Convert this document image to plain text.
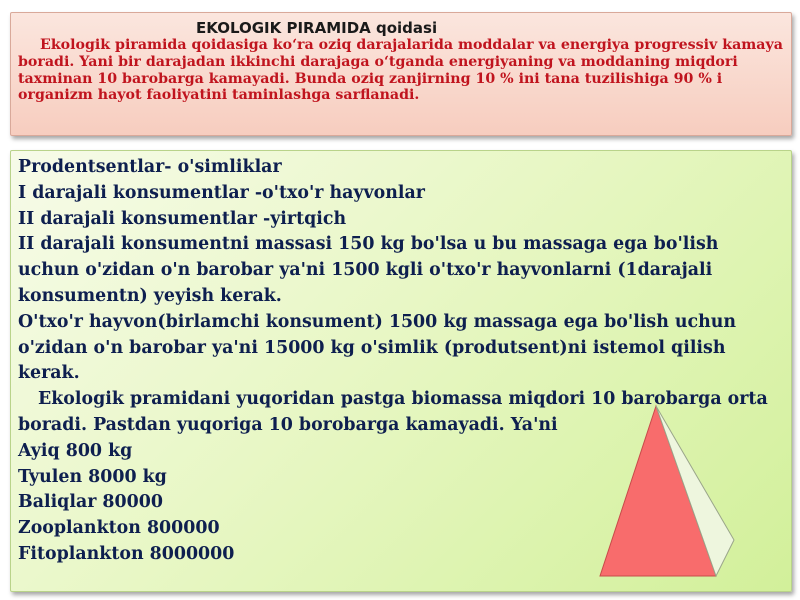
EKOLOGIK PIRAMIDA qoidasi

Ekologik piramida qoidasiga ko‘ra oziq darajalarida moddalar va energiya progressiv kamaya boradi. Yani bir darajadan ikkinchi darajaga o‘tganda energiyaning va moddaning miqdori taxminan 10 barobarga kamayadi. Bunda oziq zanjirning 10 % ini tana tuzilishiga 90 % i organizm hayot faoliyatini taminlashga sarflanadi.

Prodentsentlar- o'simliklar

I darajali konsumentlar -o'txo'r hayvonlar

II darajali konsumentlar -yirtqich

II darajali konsumentni massasi 150 kg bo'lsa u bu massaga ega bo'lish uchun o'zidan o'n barobar ya'ni 1500 kgli o'txo'r hayvonlarni (1darajali konsumentn) yeyish kerak.

O'txo'r hayvon(birlamchi konsument) 1500 kg massaga ega bo'lish uchun o'zidan o'n barobar ya'ni 15000 kg o'simlik (produtsent)ni istemol qilish kerak.

Ekologik pramidani yuqoridan pastga biomassa miqdori 10 barobarga orta boradi. Pastdan yuqoriga 10 borobarga kamayadi. Ya'ni

Ayiq 800 kg

Tyulen 8000 kg

Baliqlar 80000

Zooplankton 800000

Fitoplankton 8000000
